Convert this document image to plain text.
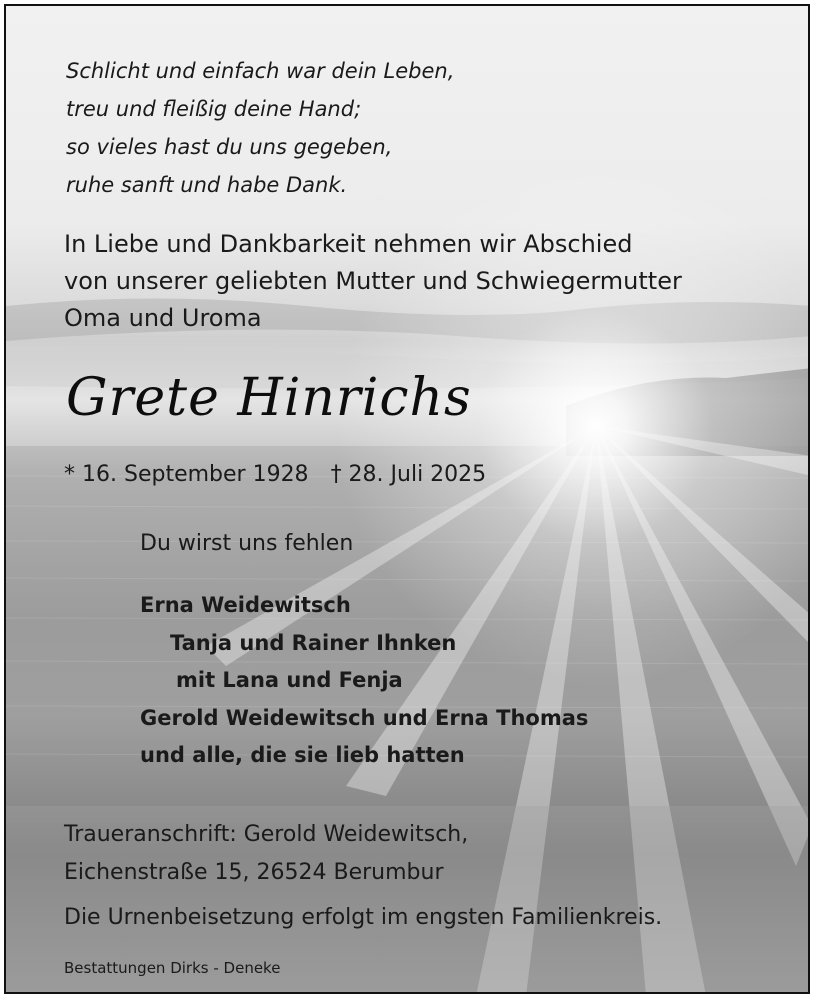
Schlicht und einfach war dein Leben,
treu und fleißig deine Hand;
so vieles hast du uns gegeben,
ruhe sanft und habe Dank.
In Liebe und Dankbarkeit nehmen wir Abschied
von unserer geliebten Mutter und Schwiegermutter
Oma und Uroma
Grete Hinrichs
* 16. September 1928 † 28. Juli 2025
Du wirst uns fehlen
Erna Weidewitsch
Tanja und Rainer Ihnken
mit Lana und Fenja
Gerold Weidewitsch und Erna Thomas
und alle, die sie lieb hatten
Traueranschrift: Gerold Weidewitsch,
Eichenstraße 15, 26524 Berumbur
Die Urnenbeisetzung erfolgt im engsten Familienkreis.
Bestattungen Dirks - Deneke
